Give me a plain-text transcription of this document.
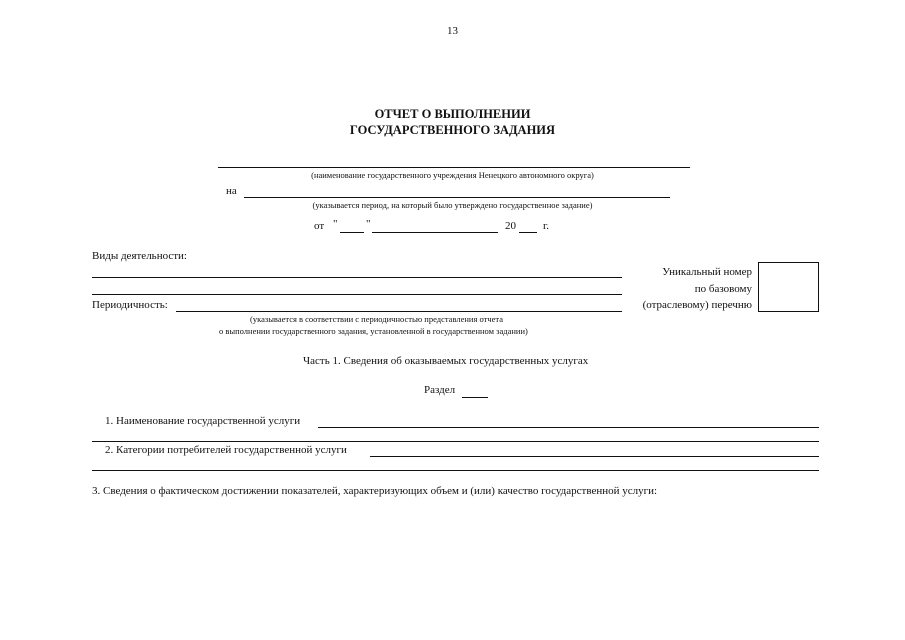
13
ОТЧЕТ О ВЫПОЛНЕНИИ
ГОСУДАРСТВЕННОГО ЗАДАНИЯ
(наименование государственного учреждения Ненецкого автономного округа)
на
(указывается период, на который было утверждено государственное задание)
от "	"	20 г.
Виды деятельности:
Уникальный номер
по базовому
(отраслевому) перечню
Периодичность:
(указывается в соответствии с периодичностью представления отчета
о выполнении государственного задания, установленной в государственном задании)
Часть 1. Сведения об оказываемых государственных услугах
Раздел
1. Наименование государственной услуги
2. Категории потребителей государственной услуги
3. Сведения о фактическом достижении показателей, характеризующих объем и (или) качество государственной услуги:
